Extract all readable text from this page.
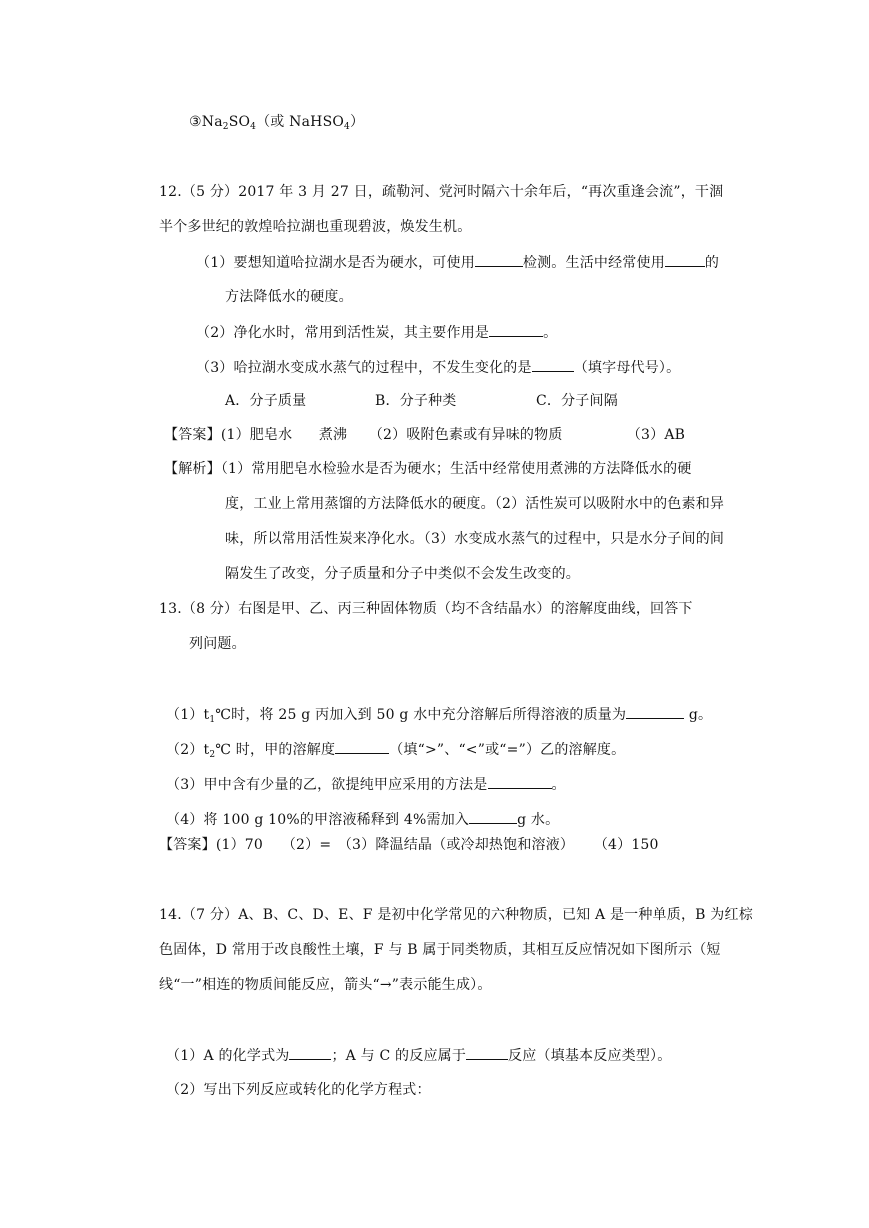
$③Na_2SO_4$（或 NaHSO$_4$）
12.（5 分）2017 年 3 月 27 日，疏勒河、党河时隔六十余年后，“再次重逢会流”，干涸
半个多世纪的敦煌哈拉湖也重现碧波，焕发生机。
（1）要想知道哈拉湖水是否为硬水，可使用	检测。生活中经常使用	的
方法降低水的硬度。
（2）净化水时，常用到活性炭，其主要作用是	。
（3）哈拉湖水变成水蒸气的过程中，不发生变化的是	（填字母代号）。
A．分子质量	B．分子种类	C．分子间隔
【答案】(1）肥皂水 煮沸 （2）吸附色素或有异味的物质	（3）AB
【解析】（1）常用肥皂水检验水是否为硬水；生活中经常使用煮沸的方法降低水的硬
度，工业上常用蒸馏的方法降低水的硬度。（2）活性炭可以吸附水中的色素和异
味，所以常用活性炭来净化水。（3）水变成水蒸气的过程中，只是水分子间的间
隔发生了改变，分子质量和分子中类似不会发生改变的。
13.（8 分）右图是甲、乙、丙三种固体物质（均不含结晶水）的溶解度曲线，回答下
列问题。
$(1)t_1℃$时，将 25 g 丙加入到 50 g 水中充分溶解后所得溶液的质量为	g。
$(2)t_2℃$ 时，甲的溶解度	（填“>”、“<”或“=”）乙的溶解度。
（3）甲中含有少量的乙，欲提纯甲应采用的方法是	。
（4）将 100 g 10%的甲溶液稀释到 4%需加入	g 水。
【答案】(1）70 （2）= （3）降温结晶（或冷却热饱和溶液） （4）150
14.（7 分）A、B、C、D、E、F 是初中化学常见的六种物质，已知 A 是一种单质，B 为红棕
色固体，D 常用于改良酸性土壤，F 与 B 属于同类物质，其相互反应情况如下图所示（短
线“一”相连的物质间能反应，箭头“→”表示能生成）。
（1）A 的化学式为	；A 与 C 的反应属于	反应（填基本反应类型）。
（2）写出下列反应或转化的化学方程式：
